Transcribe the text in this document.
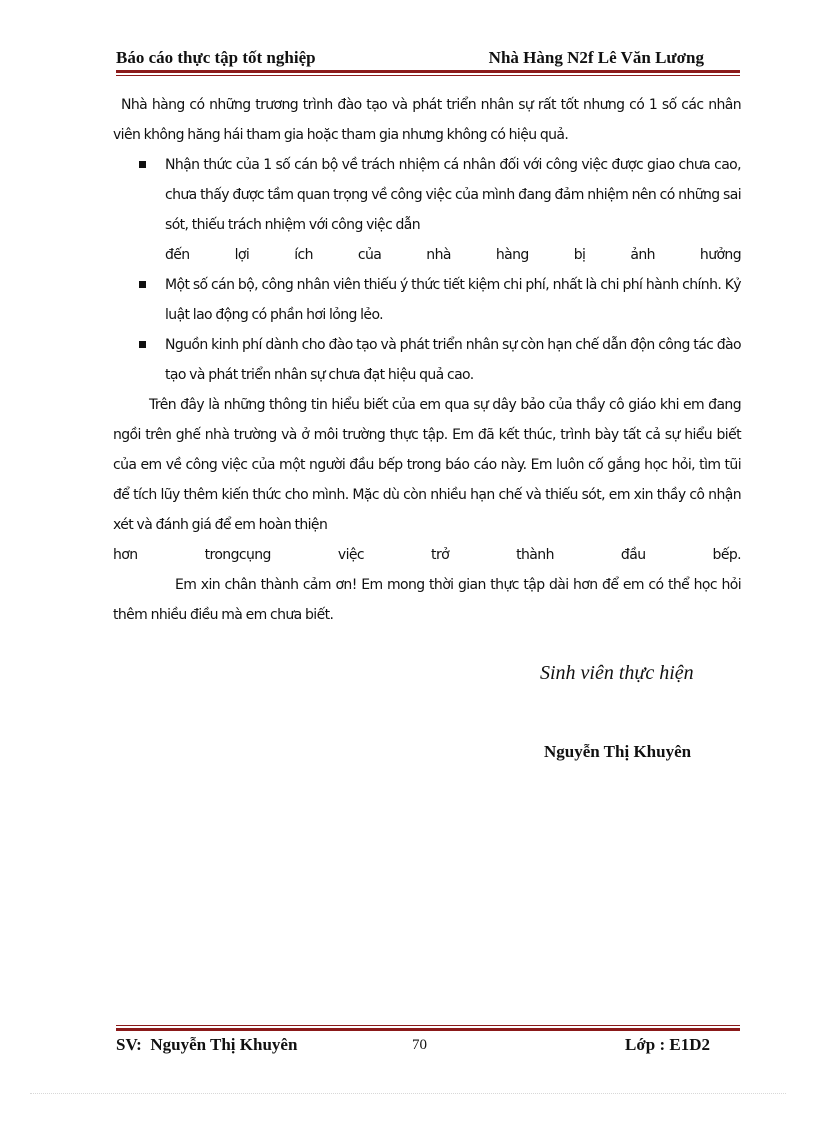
Báo cáo thực tập tốt nghiệp	Nhà Hàng N2f Lê Văn Lương

Nhà hàng có những trương trình đào tạo và phát triển nhân sự rất tốt nhưng có 1 số các nhân viên không hăng hái tham gia hoặc tham gia nhưng không có hiệu quả.

Nhận thức của 1 số cán bộ về trách nhiệm cá nhân đối với công việc được giao chưa cao, chưa thấy được tầm quan trọng về công việc của mình đang đảm nhiệm nên có những sai sót, thiếu trách nhiệm với công việc dẫn

đến lợi ích của nhà hàng bị ảnh hưởng

Một số cán bộ, công nhân viên thiếu ý thức tiết kiệm chi phí, nhất là chi phí hành chính. Kỷ luật lao động có phần hơi lỏng lẻo.

Nguồn kinh phí dành cho đào tạo và phát triển nhân sự còn hạn chế dẫn độn công tác đào tạo và phát triển nhân sự chưa đạt hiệu quả cao.

Trên đây là những thông tin hiểu biết của em qua sự dây bảo của thầy cô giáo khi em đang ngồi trên ghế nhà trường và ở môi trường thực tập. Em đã kết thúc, trình bày tất cả sự hiểu biết của em về công việc của một người đầu bếp trong báo cáo này. Em luôn cố gắng học hỏi, tìm tũi để tích lũy thêm kiến thức cho mình. Mặc dù còn nhiều hạn chế và thiếu sót, em xin thầy cô nhận xét và đánh giá để em hoàn thiện

hơn trongcụng việc trở thành đầu bếp.

Em xin chân thành cảm ơn! Em mong thời gian thực tập dài hơn để em có thể học hỏi thêm nhiều điều mà em chưa biết.

Sinh viên thực hiện
Nguyễn Thị Khuyên
SV:  Nguyễn Thị Khuyên	70	Lớp : E1D2
